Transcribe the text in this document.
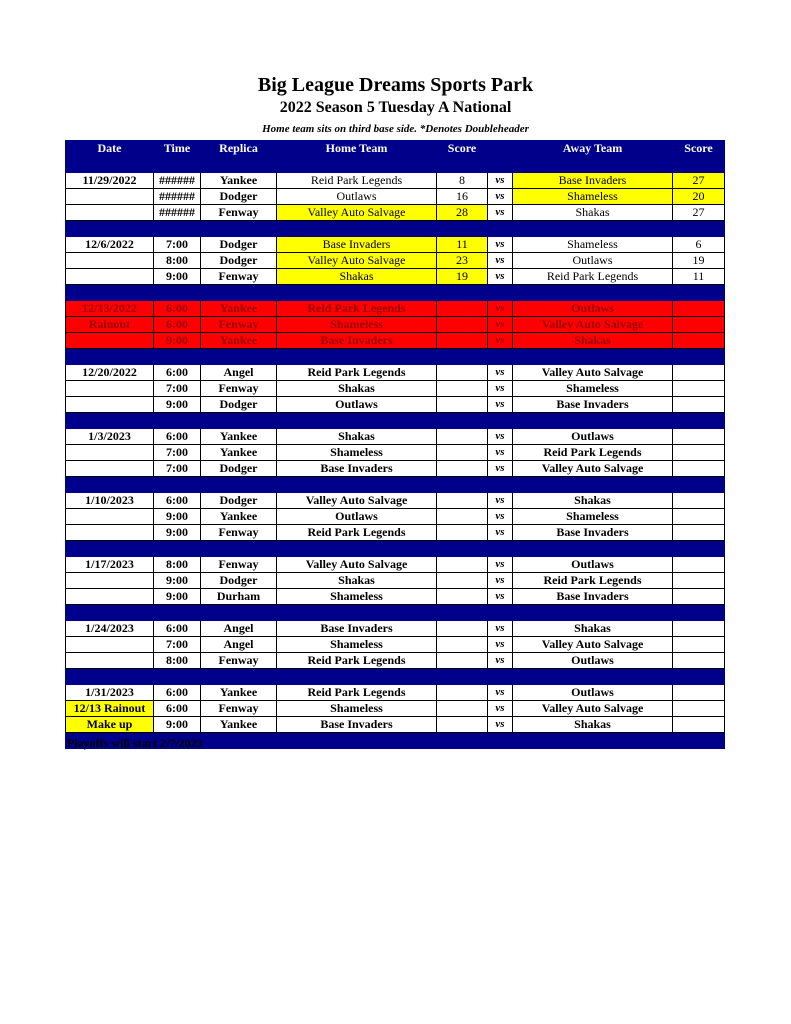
Big League Dreams Sports Park
2022 Season 5 Tuesday A National
Home team sits on third base side. *Denotes Doubleheader
Date	Time	Replica	Home Team	Score		Away Team	Score

11/29/2022	######	Yankee	Reid Park Legends	8	vs	Base Invaders	27
	######	Dodger	Outlaws	16	vs	Shameless	20
	######	Fenway	Valley Auto Salvage	28	vs	Shakas	27

12/6/2022	7:00	Dodger	Base Invaders	11	vs	Shameless	6
	8:00	Dodger	Valley Auto Salvage	23	vs	Outlaws	19
	9:00	Fenway	Shakas	19	vs	Reid Park Legends	11

12/13/2022	6:00	Yankee	Reid Park Legends		vs	Outlaws	
Rainout	6:00	Fenway	Shameless		vs	Valley Auto Salvage	
	9:00	Yankee	Base Invaders		vs	Shakas	

12/20/2022	6:00	Angel	Reid Park Legends		vs	Valley Auto Salvage	
	7:00	Fenway	Shakas		vs	Shameless	
	9:00	Dodger	Outlaws		vs	Base Invaders	

1/3/2023	6:00	Yankee	Shakas		vs	Outlaws	
	7:00	Yankee	Shameless		vs	Reid Park Legends	
	7:00	Dodger	Base Invaders		vs	Valley Auto Salvage	

1/10/2023	6:00	Dodger	Valley Auto Salvage		vs	Shakas	
	9:00	Yankee	Outlaws		vs	Shameless	
	9:00	Fenway	Reid Park Legends		vs	Base Invaders	

1/17/2023	8:00	Fenway	Valley Auto Salvage		vs	Outlaws	
	9:00	Dodger	Shakas		vs	Reid Park Legends	
	9:00	Durham	Shameless		vs	Base Invaders	

1/24/2023	6:00	Angel	Base Invaders		vs	Shakas	
	7:00	Angel	Shameless		vs	Valley Auto Salvage	
	8:00	Fenway	Reid Park Legends		vs	Outlaws	

1/31/2023	6:00	Yankee	Reid Park Legends		vs	Outlaws	
12/13 Rainout	6:00	Fenway	Shameless		vs	Valley Auto Salvage	
Make up	9:00	Yankee	Base Invaders		vs	Shakas	

Playoffs will start 2/7/2023
